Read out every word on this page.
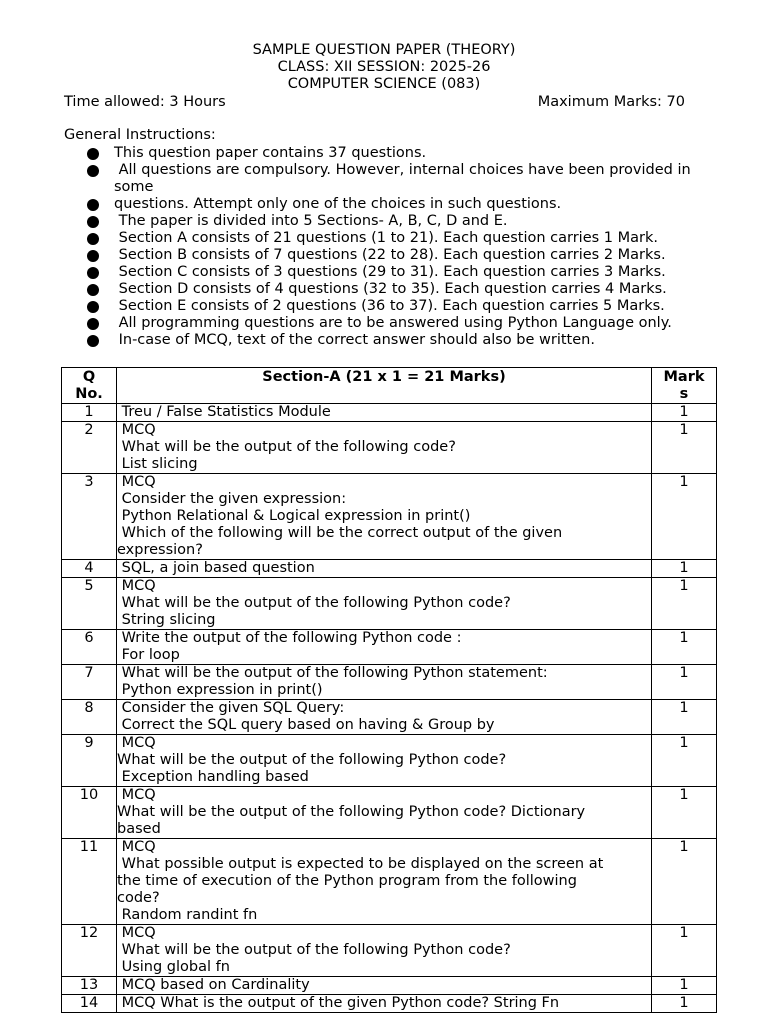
SAMPLE QUESTION PAPER (THEORY)
CLASS: XII SESSION: 2025-26
COMPUTER SCIENCE (083)
Time allowed: 3 Hours	Maximum Marks: 70
General Instructions:
This question paper contains 37 questions.
All questions are compulsory. However, internal choices have been provided in some
questions. Attempt only one of the choices in such questions.
The paper is divided into 5 Sections- A, B, C, D and E.
Section A consists of 21 questions (1 to 21). Each question carries 1 Mark.
Section B consists of 7 questions (22 to 28). Each question carries 2 Marks.
Section C consists of 3 questions (29 to 31). Each question carries 3 Marks.
Section D consists of 4 questions (32 to 35). Each question carries 4 Marks.
Section E consists of 2 questions (36 to 37). Each question carries 5 Marks.
All programming questions are to be answered using Python Language only.
In-case of MCQ, text of the correct answer should also be written.
Q
No.	Section-A (21 x 1 = 21 Marks)	Mark
s
1	Treu / False Statistics Module	1
2	MCQ
What will be the output of the following code?
List slicing	1
3	MCQ
Consider the given expression:
Python Relational & Logical expression in print()
Which of the following will be the correct output of the given
expression?	1
4	SQL, a join based question	1
5	MCQ
What will be the output of the following Python code?
String slicing	1
6	Write the output of the following Python code :
For loop	1
7	What will be the output of the following Python statement:
Python expression in print()	1
8	Consider the given SQL Query:
Correct the SQL query based on having & Group by	1
9	MCQ
What will be the output of the following Python code?
Exception handling based	1
10	MCQ
What will be the output of the following Python code? Dictionary
based	1
11	MCQ
What possible output is expected to be displayed on the screen at
the time of execution of the Python program from the following
code?
Random randint fn	1
12	MCQ
What will be the output of the following Python code?
Using global fn	1
13	MCQ based on Cardinality	1
14	MCQ What is the output of the given Python code? String Fn	1
